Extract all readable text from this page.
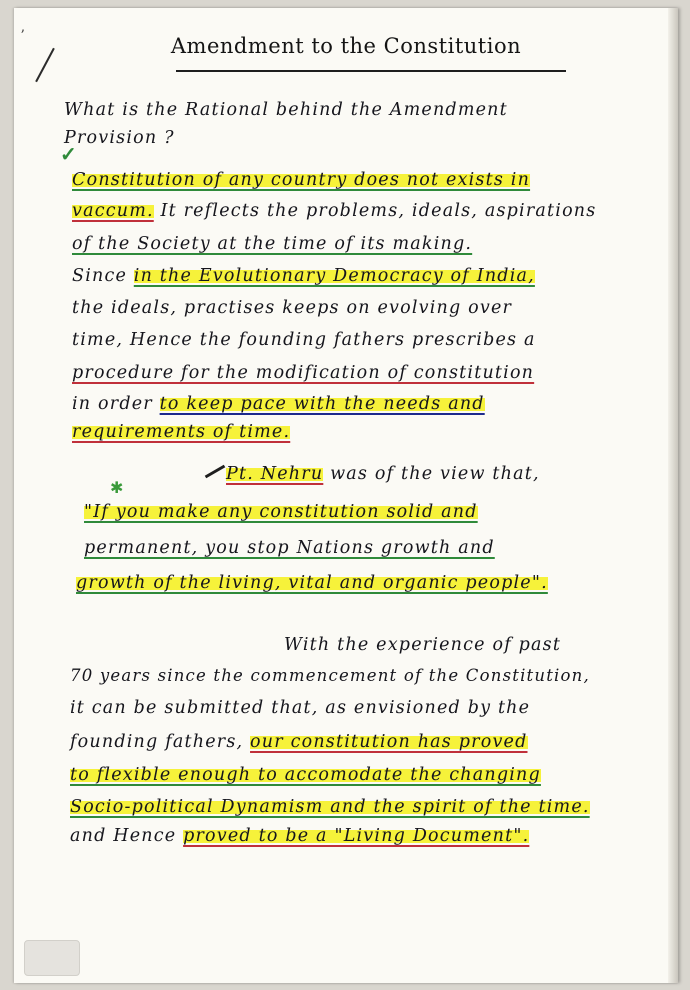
ʼ	Amendment to the Constitution
What is the Rational behind the Amendment
Provision ?
✓
Constitution of any country does not exists in
vaccum. It reflects the problems, ideals, aspirations
of the Society at the time of its making.
Since in the Evolutionary Democracy of India,
the ideals, practises keeps on evolving over
time, Hence the founding fathers prescribes a
procedure for the modification of constitution
in order to keep pace with the needs and
requirements of time.
✱
Pt. Nehru was of the view that,
"If you make any constitution solid and
permanent, you stop Nations growth and
growth of the living, vital and organic people".
With the experience of past
70 years since the commencement of the Constitution,
it can be submitted that, as envisioned by the
founding fathers, our constitution has proved
to flexible enough to accomodate the changing
Socio-political Dynamism and the spirit of the time.
and Hence proved to be a "Living Document".
